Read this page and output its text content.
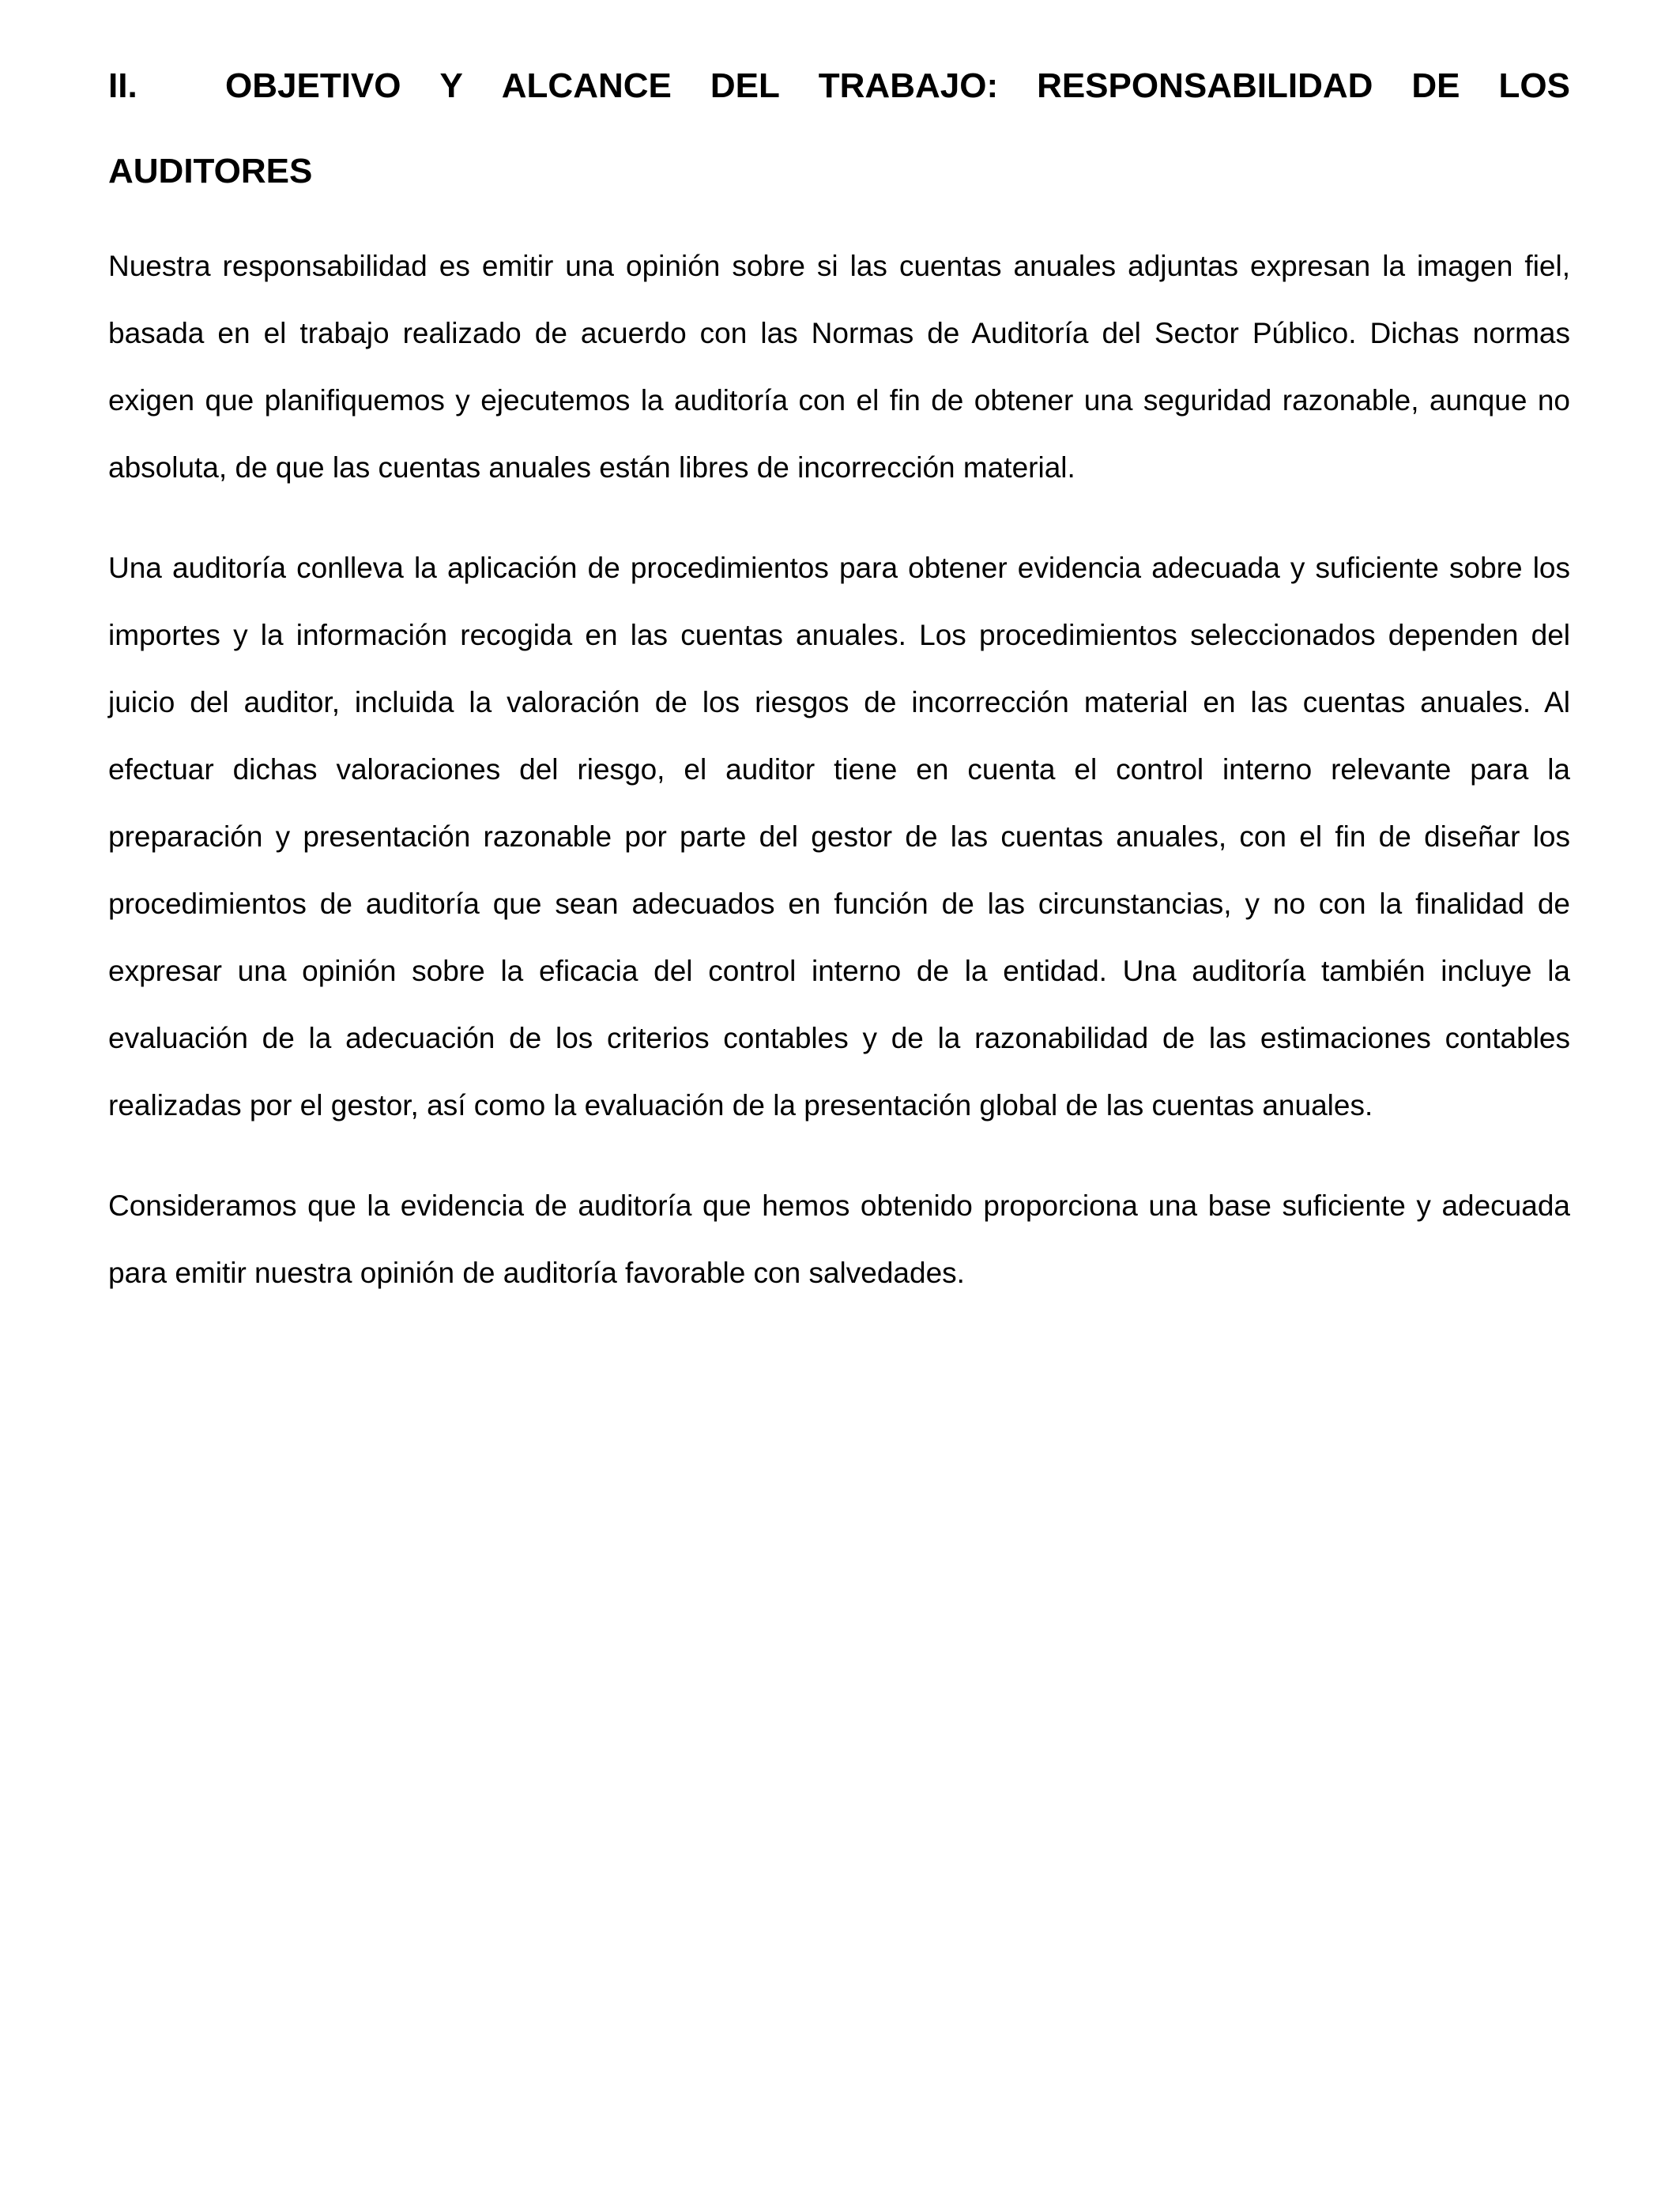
II.	OBJETIVO Y ALCANCE DEL TRABAJO: RESPONSABILIDAD DE LOS
AUDITORES

Nuestra responsabilidad es emitir una opinión sobre si las cuentas anuales adjuntas expresan la imagen fiel, basada en el trabajo realizado de acuerdo con las Normas de Auditoría del Sector Público. Dichas normas exigen que planifiquemos y ejecutemos la auditoría con el fin de obtener una seguridad razonable, aunque no absoluta, de que las cuentas anuales están libres de incorrección material.

Una auditoría conlleva la aplicación de procedimientos para obtener evidencia adecuada y suficiente sobre los importes y la información recogida en las cuentas anuales. Los procedimientos seleccionados dependen del juicio del auditor, incluida la valoración de los riesgos de incorrección material en las cuentas anuales. Al efectuar dichas valoraciones del riesgo, el auditor tiene en cuenta el control interno relevante para la preparación y presentación razonable por parte del gestor de las cuentas anuales, con el fin de diseñar los procedimientos de auditoría que sean adecuados en función de las circunstancias, y no con la finalidad de expresar una opinión sobre la eficacia del control interno de la entidad. Una auditoría también incluye la evaluación de la adecuación de los criterios contables y de la razonabilidad de las estimaciones contables realizadas por el gestor, así como la evaluación de la presentación global de las cuentas anuales.

Consideramos que la evidencia de auditoría que hemos obtenido proporciona una base suficiente y adecuada para emitir nuestra opinión de auditoría favorable con salvedades.
